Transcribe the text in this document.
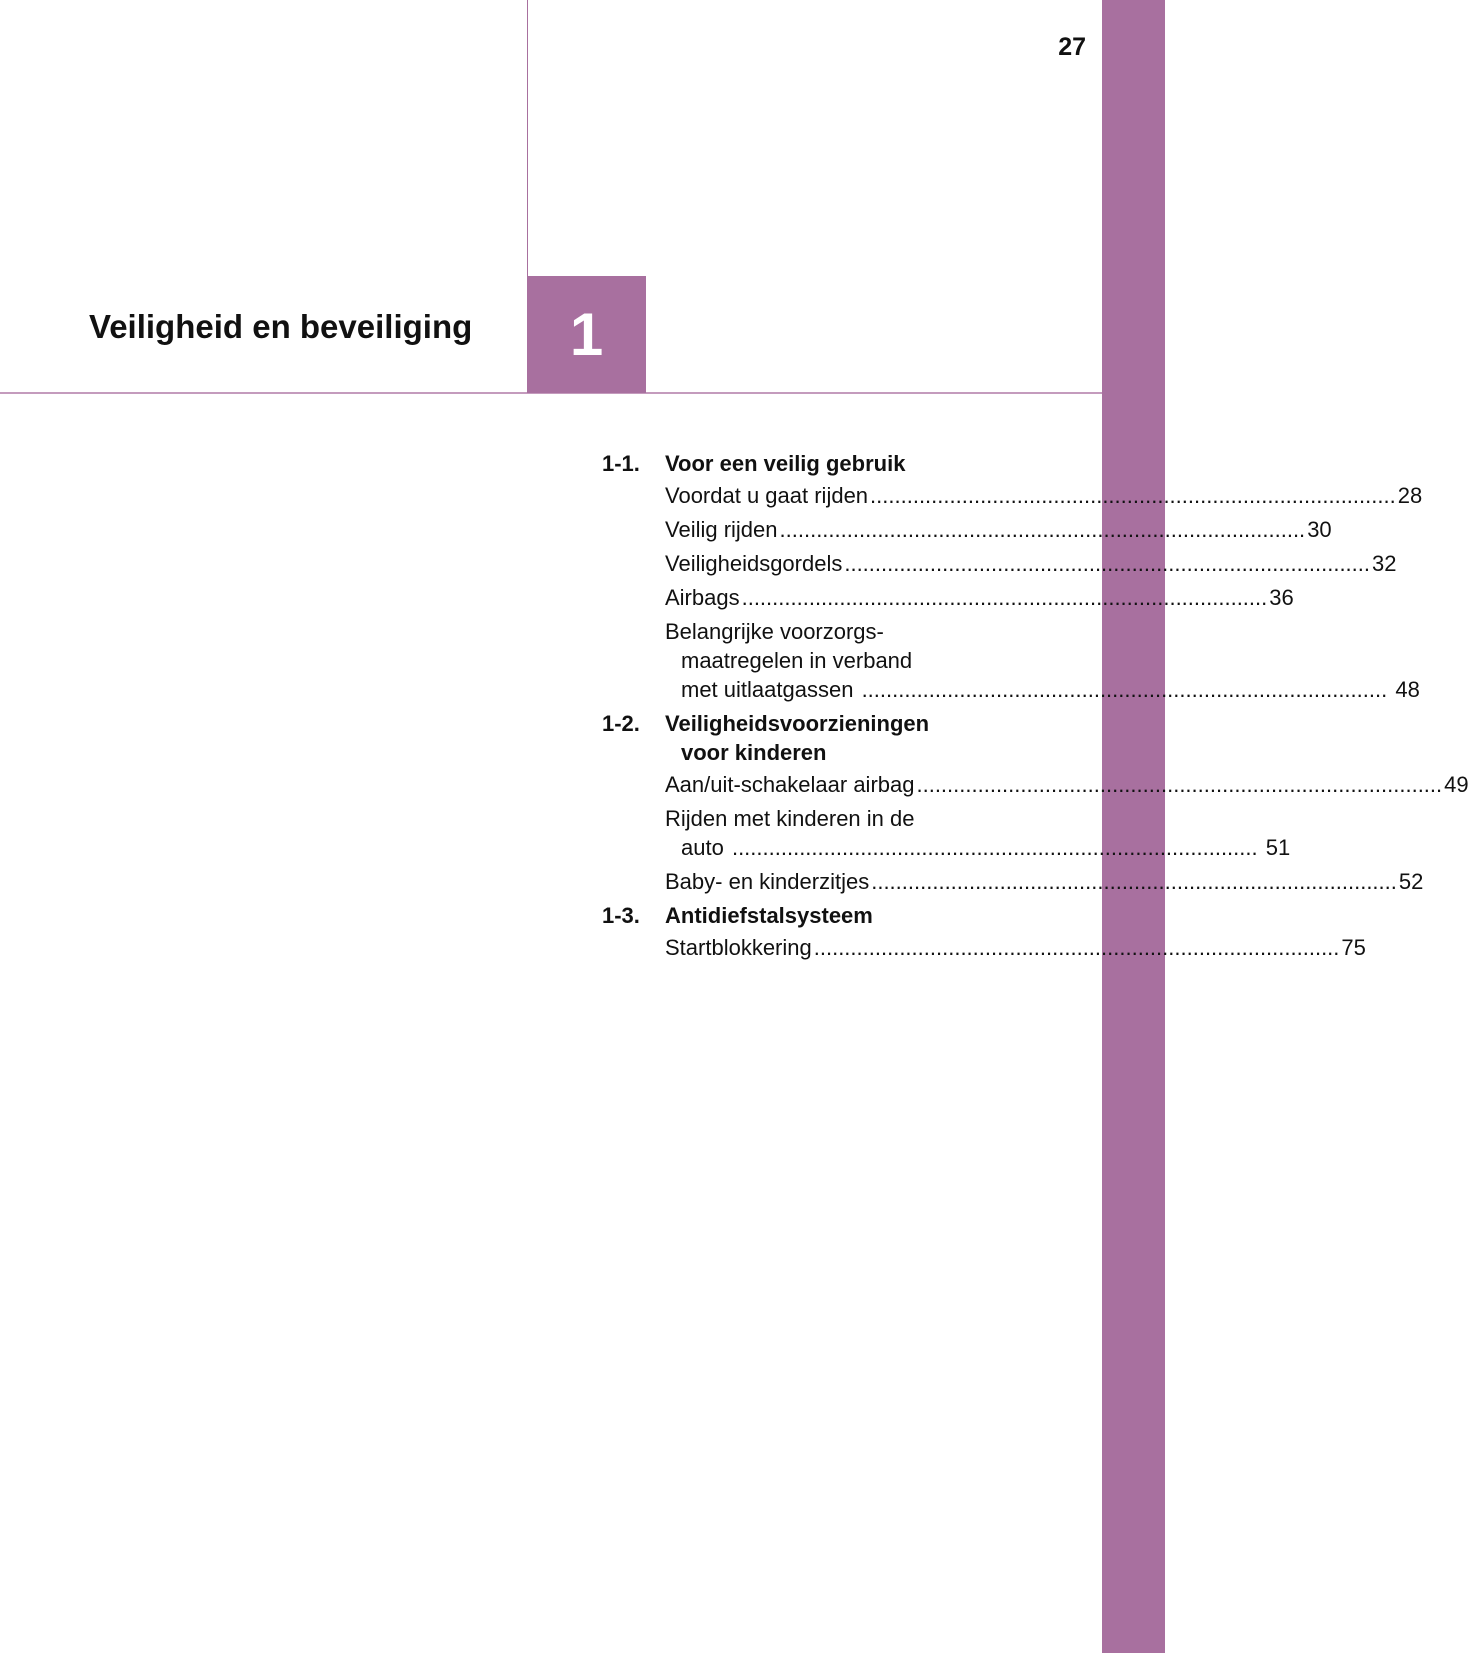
27
1
Veiligheid en beveiliging
1-1.	Voor een veilig gebruik
Voordat u gaat rijden .....	28
Veilig rijden .....	30
Veiligheidsgordels .....	32
Airbags .....	36
Belangrijke voorzorgs-
maatregelen in verband
met uitlaatgassen .....	48
1-2.	Veiligheidsvoorzieningen
voor kinderen
Aan/uit-schakelaar airbag .....	49
Rijden met kinderen in de
auto .....	51
Baby- en kinderzitjes .....	52
1-3.	Antidiefstalsysteem
Startblokkering .....	75
